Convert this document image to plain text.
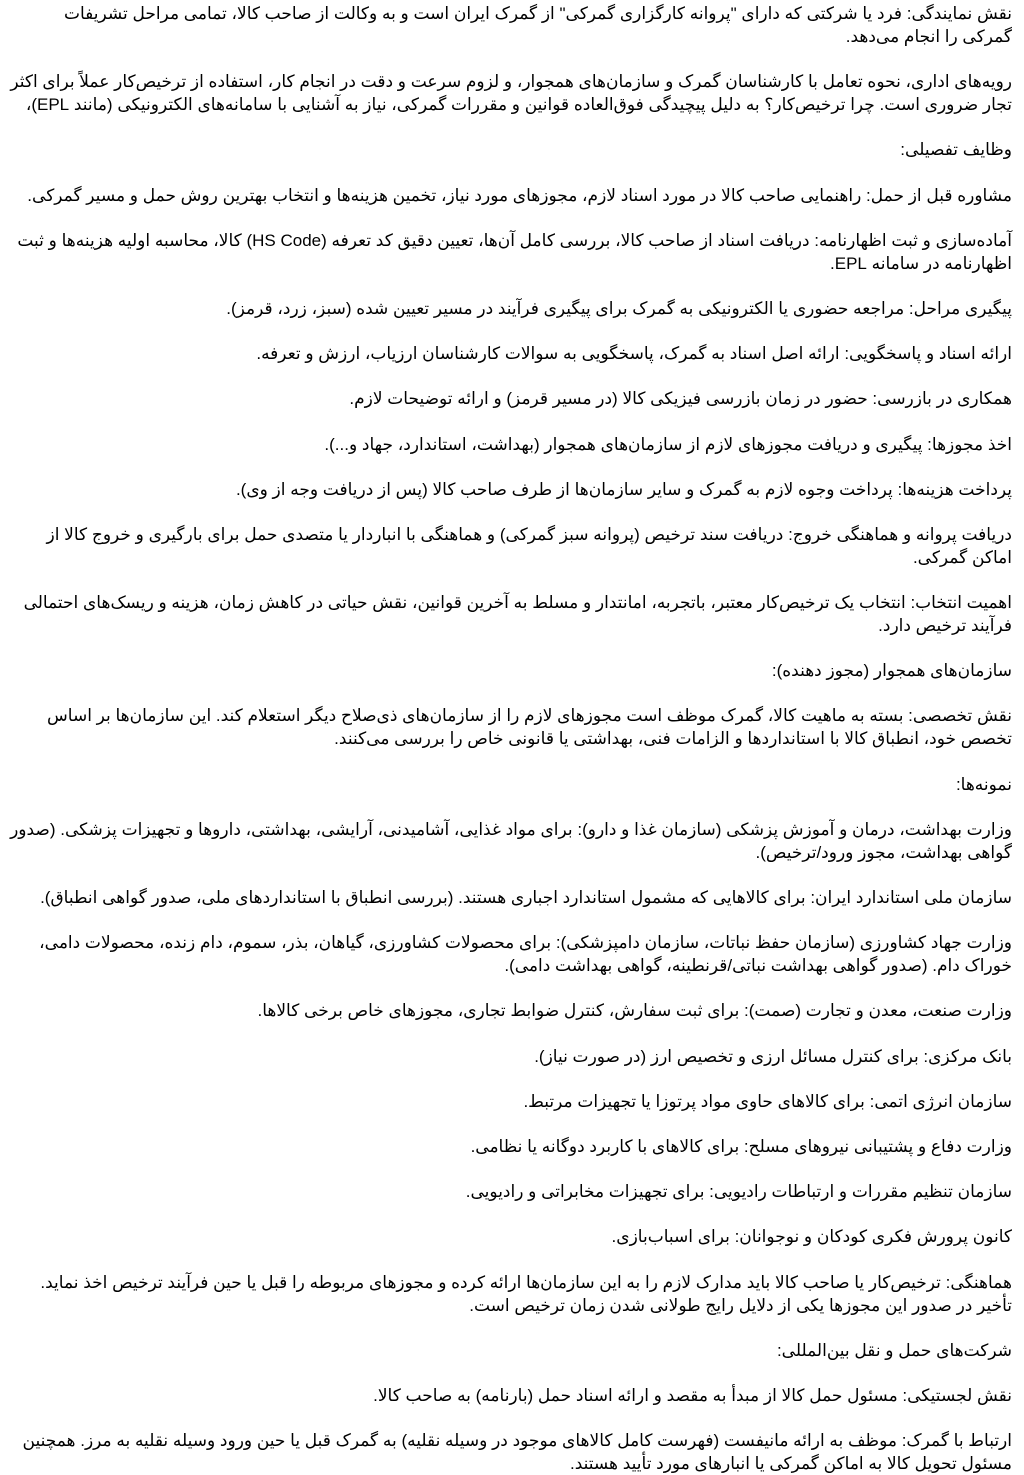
نقش نمایندگی: فرد یا شرکتی که دارای "پروانه کارگزاری گمرکی" از گمرک ایران است و به وکالت از صاحب کالا، تمامی مراحل تشریفات گمرکی را انجام می‌دهد.

رویه‌های اداری، نحوه تعامل با کارشناسان گمرک و سازمان‌های همجوار، و لزوم سرعت و دقت در انجام کار، استفاده از ترخیص‌کار عملاً برای اکثر تجار ضروری است. چرا ترخیص‌کار؟ به دلیل پیچیدگی فوق‌العاده قوانین و مقررات گمرکی، نیاز به آشنایی با سامانه‌های الکترونیکی (مانند EPL)،

وظایف تفصیلی:

مشاوره قبل از حمل: راهنمایی صاحب کالا در مورد اسناد لازم، مجوزهای مورد نیاز، تخمین هزینه‌ها و انتخاب بهترین روش حمل و مسیر گمرکی.

آماده‌سازی و ثبت اظهارنامه: دریافت اسناد از صاحب کالا، بررسی کامل آن‌ها، تعیین دقیق کد تعرفه (HS Code) کالا، محاسبه اولیه هزینه‌ها و ثبت اظهارنامه در سامانه EPL.

پیگیری مراحل: مراجعه حضوری یا الکترونیکی به گمرک برای پیگیری فرآیند در مسیر تعیین شده (سبز، زرد، قرمز).

ارائه اسناد و پاسخگویی: ارائه اصل اسناد به گمرک، پاسخگویی به سوالات کارشناسان ارزیاب، ارزش و تعرفه.

همکاری در بازرسی: حضور در زمان بازرسی فیزیکی کالا (در مسیر قرمز) و ارائه توضیحات لازم.

اخذ مجوزها: پیگیری و دریافت مجوزهای لازم از سازمان‌های همجوار (بهداشت، استاندارد، جهاد و...).

پرداخت هزینه‌ها: پرداخت وجوه لازم به گمرک و سایر سازمان‌ها از طرف صاحب کالا (پس از دریافت وجه از وی).

دریافت پروانه و هماهنگی خروج: دریافت سند ترخیص (پروانه سبز گمرکی) و هماهنگی با انباردار یا متصدی حمل برای بارگیری و خروج کالا از اماکن گمرکی.

اهمیت انتخاب: انتخاب یک ترخیص‌کار معتبر، باتجربه، امانتدار و مسلط به آخرین قوانین، نقش حیاتی در کاهش زمان، هزینه و ریسک‌های احتمالی فرآیند ترخیص دارد.

سازمان‌های همجوار (مجوز دهنده):

نقش تخصصی: بسته به ماهیت کالا، گمرک موظف است مجوزهای لازم را از سازمان‌های ذی‌صلاح دیگر استعلام کند. این سازمان‌ها بر اساس تخصص خود، انطباق کالا با استانداردها و الزامات فنی، بهداشتی یا قانونی خاص را بررسی می‌کنند.

نمونه‌ها:

وزارت بهداشت، درمان و آموزش پزشکی (سازمان غذا و دارو): برای مواد غذایی، آشامیدنی، آرایشی، بهداشتی، داروها و تجهیزات پزشکی. (صدور گواهی بهداشت، مجوز ورود/ترخیص).

سازمان ملی استاندارد ایران: برای کالاهایی که مشمول استاندارد اجباری هستند. (بررسی انطباق با استانداردهای ملی، صدور گواهی انطباق).

وزارت جهاد کشاورزی (سازمان حفظ نباتات، سازمان دامپزشکی): برای محصولات کشاورزی، گیاهان، بذر، سموم، دام زنده، محصولات دامی، خوراک دام. (صدور گواهی بهداشت نباتی/قرنطینه، گواهی بهداشت دامی).

وزارت صنعت، معدن و تجارت (صمت): برای ثبت سفارش، کنترل ضوابط تجاری، مجوزهای خاص برخی کالاها.

بانک مرکزی: برای کنترل مسائل ارزی و تخصیص ارز (در صورت نیاز).

سازمان انرژی اتمی: برای کالاهای حاوی مواد پرتوزا یا تجهیزات مرتبط.

وزارت دفاع و پشتیبانی نیروهای مسلح: برای کالاهای با کاربرد دوگانه یا نظامی.

سازمان تنظیم مقررات و ارتباطات رادیویی: برای تجهیزات مخابراتی و رادیویی.

کانون پرورش فکری کودکان و نوجوانان: برای اسباب‌بازی.

هماهنگی: ترخیص‌کار یا صاحب کالا باید مدارک لازم را به این سازمان‌ها ارائه کرده و مجوزهای مربوطه را قبل یا حین فرآیند ترخیص اخذ نماید. تأخیر در صدور این مجوزها یکی از دلایل رایج طولانی شدن زمان ترخیص است.

شرکت‌های حمل و نقل بین‌المللی:

نقش لجستیکی: مسئول حمل کالا از مبدأ به مقصد و ارائه اسناد حمل (بارنامه) به صاحب کالا.

ارتباط با گمرک: موظف به ارائه مانیفست (فهرست کامل کالاهای موجود در وسیله نقلیه) به گمرک قبل یا حین ورود وسیله نقلیه به مرز. همچنین مسئول تحویل کالا به اماکن گمرکی یا انبارهای مورد تأیید هستند.
